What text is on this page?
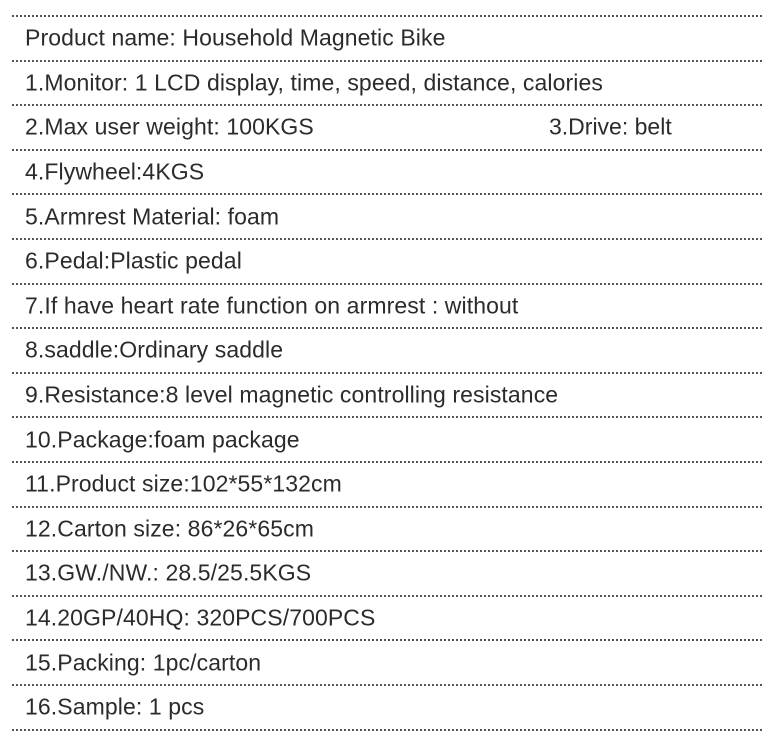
Product name: Household Magnetic Bike
1.Monitor: 1 LCD display, time, speed, distance, calories
2.Max user weight: 100KGS	3.Drive: belt
4.Flywheel:4KGS
5.Armrest Material: foam
6.Pedal:Plastic pedal
7.If have heart rate function on armrest : without
8.saddle:Ordinary saddle
9.Resistance:8 level magnetic controlling resistance
10.Package:foam package
11.Product size:102*55*132cm
12.Carton size: 86*26*65cm
13.GW./NW.: 28.5/25.5KGS
14.20GP/40HQ: 320PCS/700PCS
15.Packing: 1pc/carton
16.Sample: 1 pcs
